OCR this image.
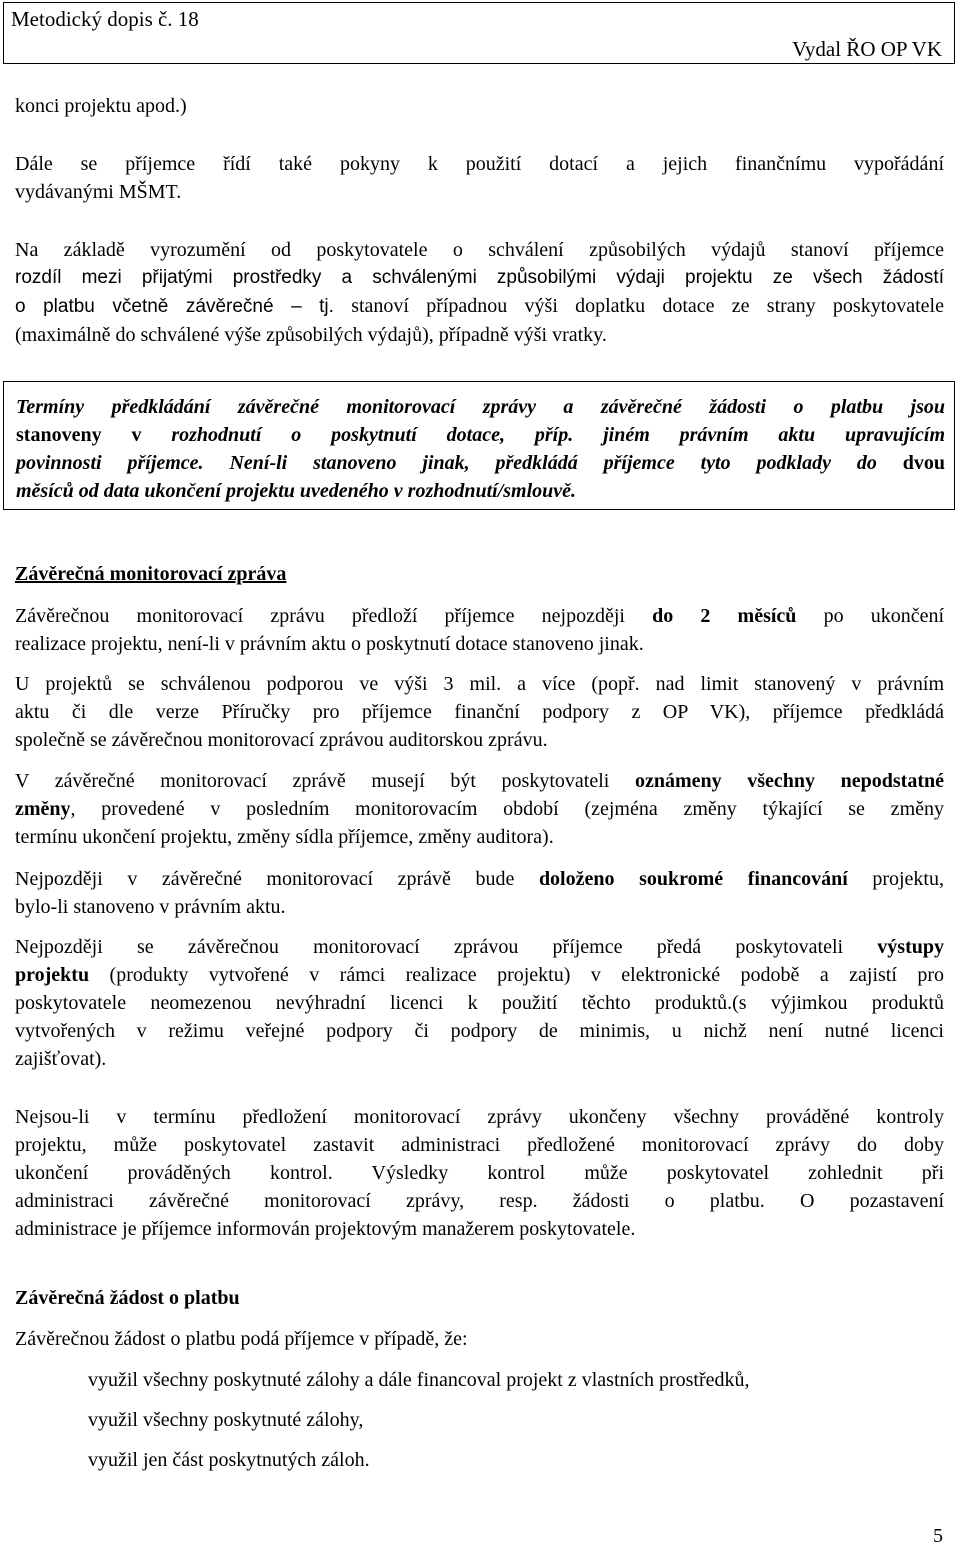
Metodický dopis č. 18
Vydal ŘO OP VK

konci projektu apod.)

Dále se příjemce řídí také pokyny k použití dotací a jejich finančnímu vypořádání
vydávanými MŠMT.

Na základě vyrozumění od poskytovatele o schválení způsobilých výdajů stanoví příjemce
rozdíl mezi přijatými prostředky a schválenými způsobilými výdaji projektu ze všech žádostí
o platbu včetně závěrečné – tj. stanoví případnou výši doplatku dotace ze strany poskytovatele
(maximálně do schválené výše způsobilých výdajů), případně výši vratky.

Termíny předkládání závěrečné monitorovací zprávy a závěrečné žádosti o platbu jsou
stanoveny v rozhodnutí o poskytnutí dotace, příp. jiném právním aktu upravujícím
povinnosti příjemce. Není-li stanoveno jinak, předkládá příjemce tyto podklady do dvou
měsíců od data ukončení projektu uvedeného v rozhodnutí/smlouvě.
Závěrečná monitorovací zpráva

Závěrečnou monitorovací zprávu předloží příjemce nejpozději do 2 měsíců po ukončení
realizace projektu, není-li v právním aktu o poskytnutí dotace stanoveno jinak.

U projektů se schválenou podporou ve výši 3 mil. a více (popř. nad limit stanovený v právním
aktu či dle verze Příručky pro příjemce finanční podpory z OP VK), příjemce předkládá
společně se závěrečnou monitorovací zprávou auditorskou zprávu.

V závěrečné monitorovací zprávě musejí být poskytovateli oznámeny všechny nepodstatné
změny, provedené v posledním monitorovacím období (zejména změny týkající se změny
termínu ukončení projektu, změny sídla příjemce, změny auditora).

Nejpozději v závěrečné monitorovací zprávě bude doloženo soukromé financování projektu,
bylo-li stanoveno v právním aktu.

Nejpozději se závěrečnou monitorovací zprávou příjemce předá poskytovateli výstupy
projektu (produkty vytvořené v rámci realizace projektu) v elektronické podobě a zajistí pro
poskytovatele neomezenou nevýhradní licenci k použití těchto produktů.(s výjimkou produktů
vytvořených v režimu veřejné podpory či podpory de minimis, u nichž není nutné licenci
zajišťovat).

Nejsou-li v termínu předložení monitorovací zprávy ukončeny všechny prováděné kontroly
projektu, může poskytovatel zastavit administraci předložené monitorovací zprávy do doby
ukončení prováděných kontrol. Výsledky kontrol může poskytovatel zohlednit při
administraci závěrečné monitorovací zprávy, resp. žádosti o platbu. O pozastavení
administrace je příjemce informován projektovým manažerem poskytovatele.

Závěrečná žádost o platbu

Závěrečnou žádost o platbu podá příjemce v případě, že:

využil všechny poskytnuté zálohy a dále financoval projekt z vlastních prostředků,
využil všechny poskytnuté zálohy,
využil jen část poskytnutých záloh.
5
